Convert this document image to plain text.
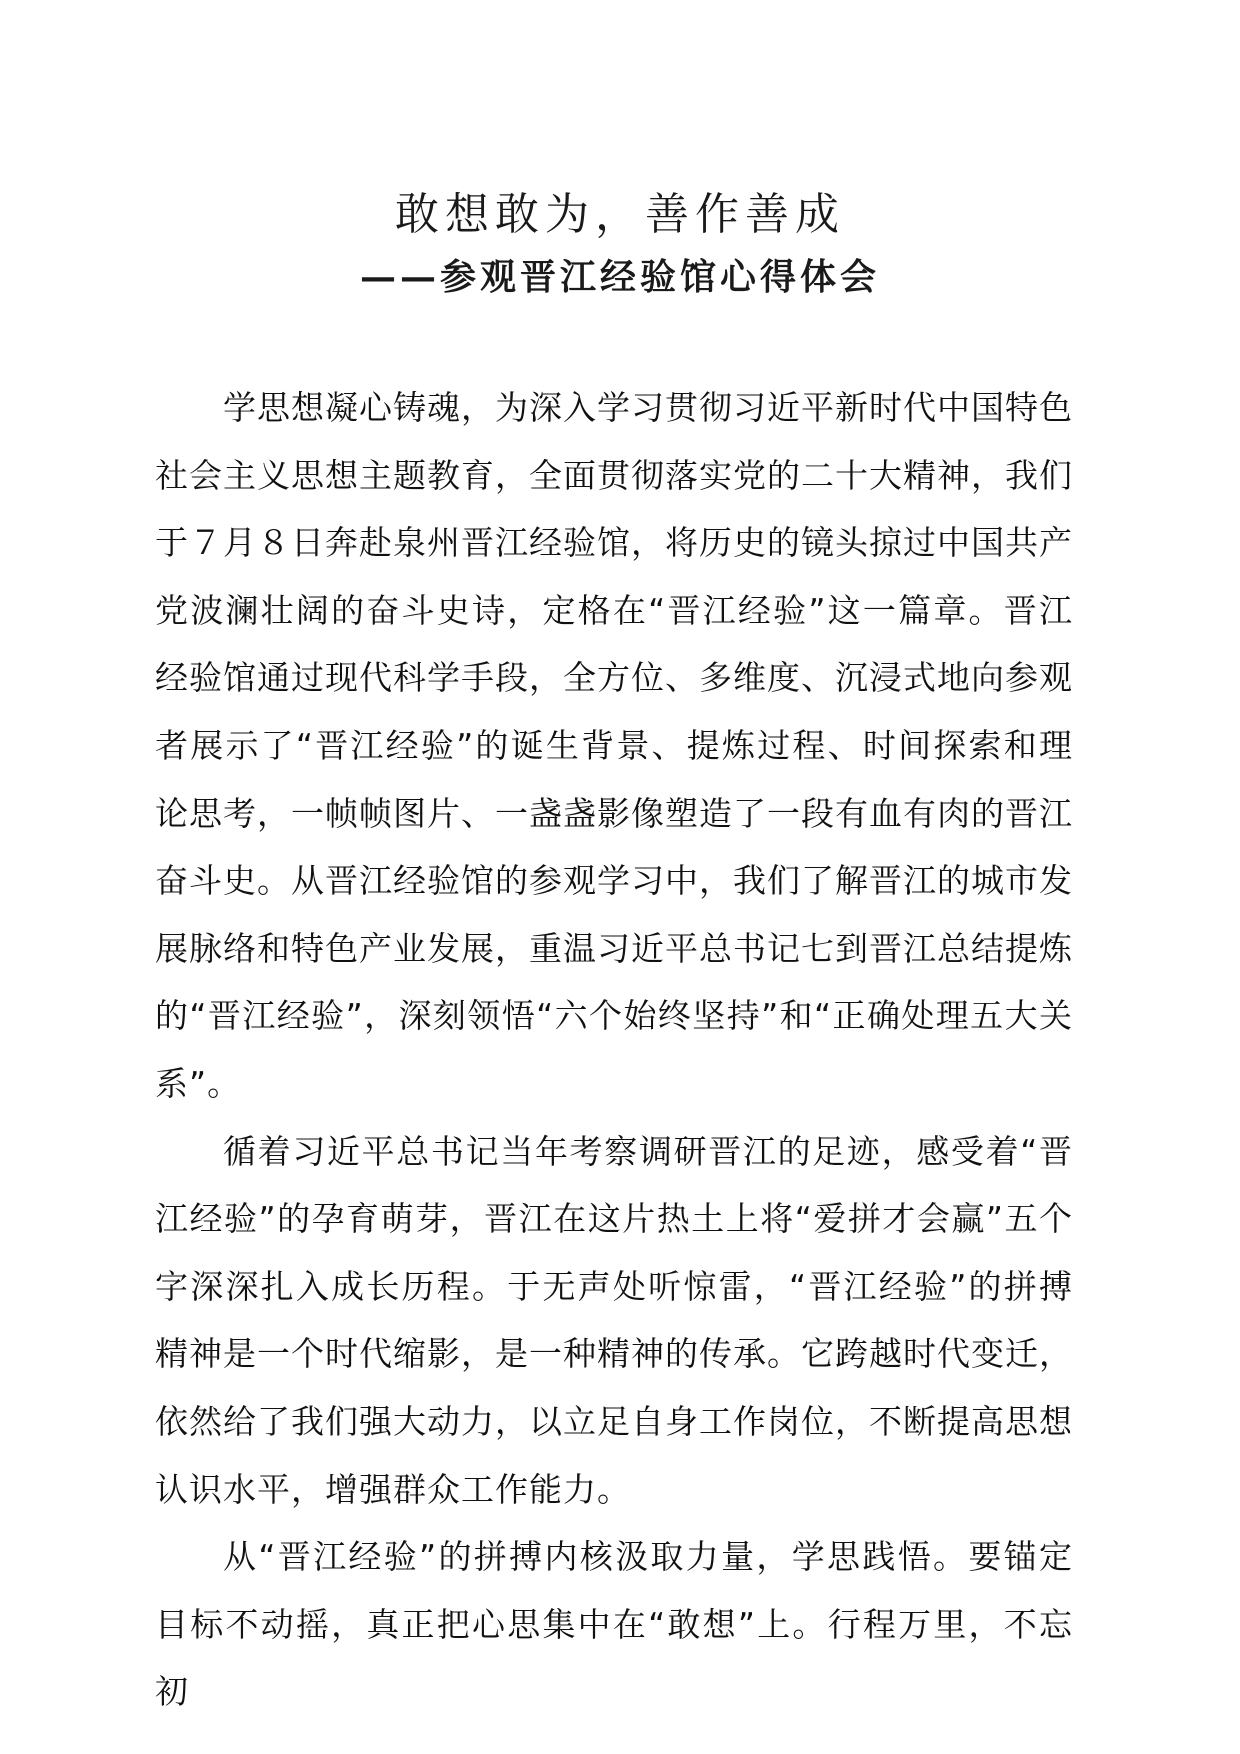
敢想敢为，善作善成
——参观晋江经验馆心得体会

学思想凝心铸魂，为深入学习贯彻习近平新时代中国特色社会主义思想主题教育，全面贯彻落实党的二十大精神，我们于７月８日奔赴泉州晋江经验馆，将历史的镜头掠过中国共产党波澜壮阔的奋斗史诗，定格在“晋江经验”这一篇章。晋江经验馆通过现代科学手段，全方位、多维度、沉浸式地向参观者展示了“晋江经验”的诞生背景、提炼过程、时间探索和理论思考，一帧帧图片、一盏盏影像塑造了一段有血有肉的晋江奋斗史。从晋江经验馆的参观学习中，我们了解晋江的城市发展脉络和特色产业发展，重温习近平总书记七到晋江总结提炼的“晋江经验”，深刻领悟“六个始终坚持”和“正确处理五大关系”。

循着习近平总书记当年考察调研晋江的足迹，感受着“晋江经验”的孕育萌芽，晋江在这片热土上将“爱拼才会赢”五个字深深扎入成长历程。于无声处听惊雷，“晋江经验”的拼搏精神是一个时代缩影，是一种精神的传承。它跨越时代变迁，依然给了我们强大动力，以立足自身工作岗位，不断提高思想认识水平，增强群众工作能力。

从“晋江经验”的拼搏内核汲取力量，学思践悟。要锚定目标不动摇，真正把心思集中在“敢想”上。行程万里，不忘初
